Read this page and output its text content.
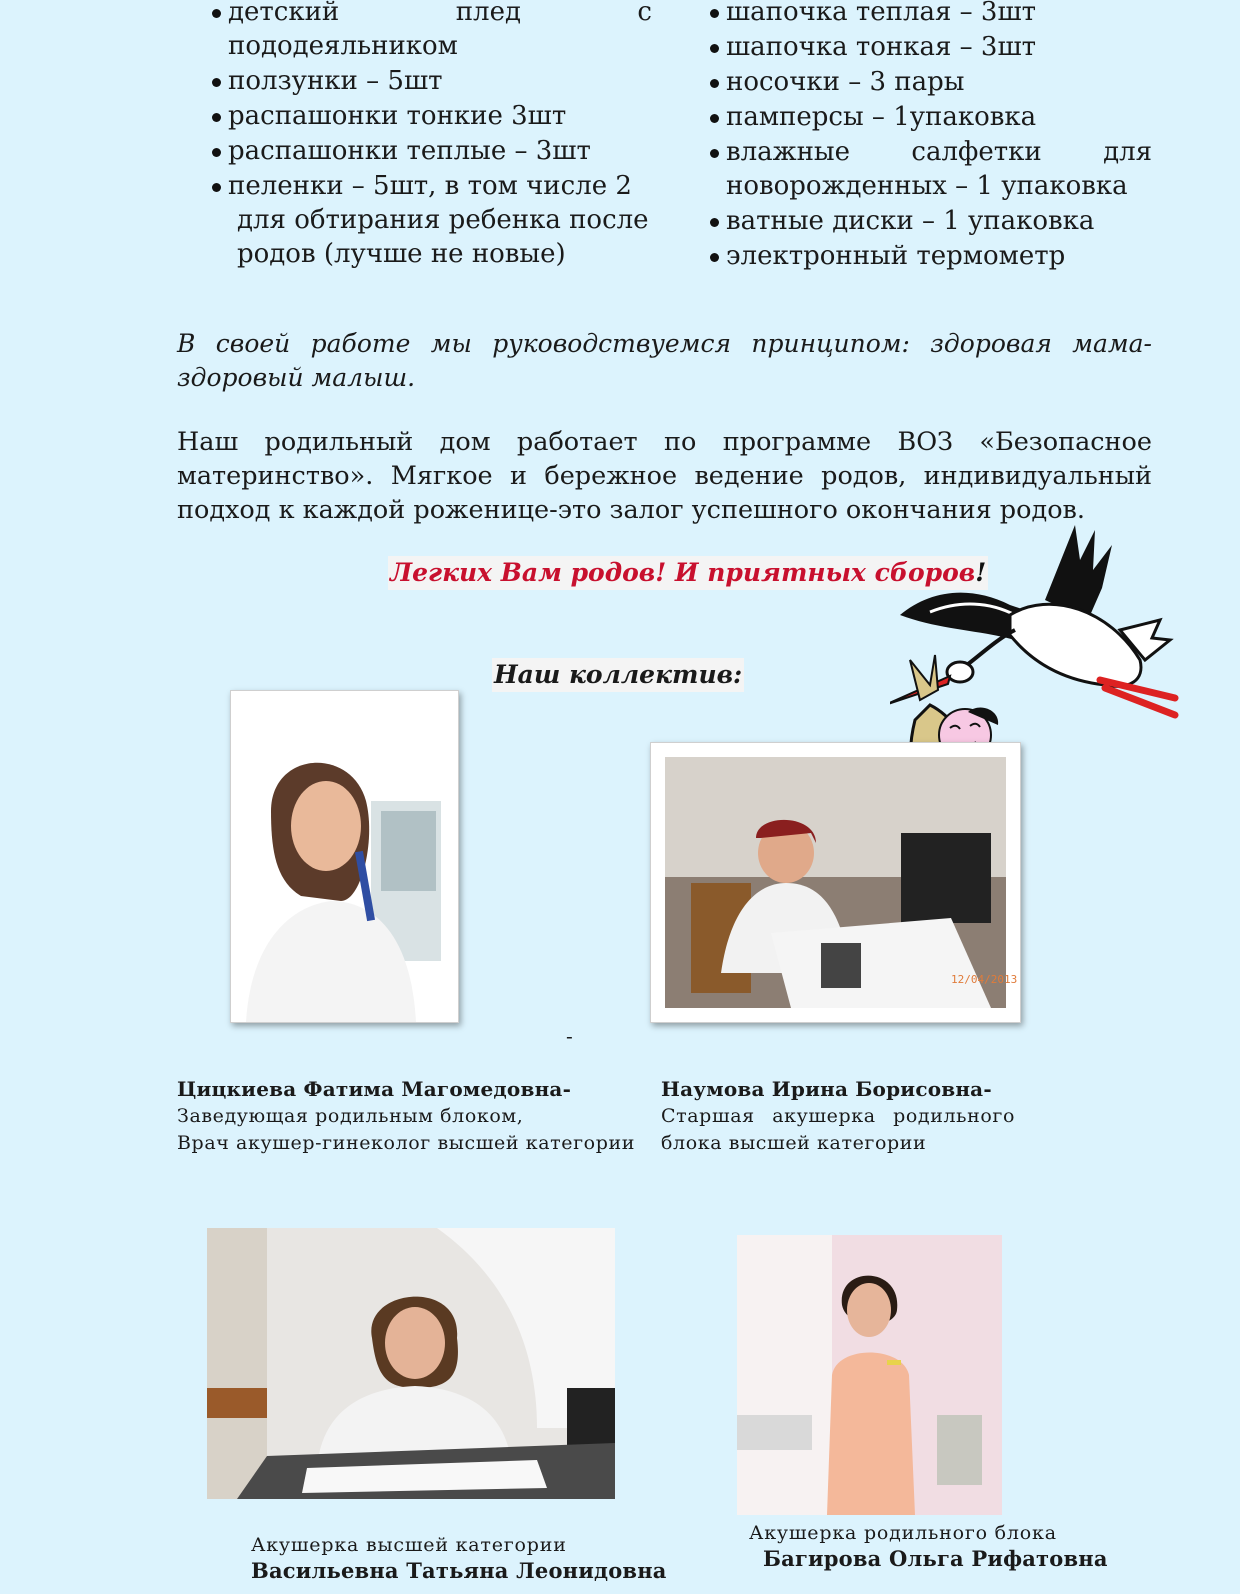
детский плед с
пододеяльником
ползунки – 5шт
распашонки тонкие 3шт
распашонки теплые – 3шт
пеленки – 5шт, в том числе 2
для обтирания ребенка после
родов (лучше не новые)
шапочка теплая – 3шт
шапочка тонкая – 3шт
носочки – 3 пары
памперсы – 1упаковка
влажные салфетки для
новорожденных – 1 упаковка
ватные диски – 1 упаковка
электронный термометр
В своей работе мы руководствуемся принципом: здоровая мама-здоровый малыш.
Наш родильный дом работает по программе ВОЗ «Безопасное материнство». Мягкое и бережное ведение родов, индивидуальный подход к каждой роженице-это залог успешного окончания родов.
Легких Вам родов! И приятных сборов!
Наш коллектив:
12/04/2013
-
Цицкиева Фатима Магомедовна-
Заведующая родильным блоком,
Врач акушер-гинеколог высшей категории
Наумова Ирина Борисовна-
Старшая акушерка родильного
блока высшей категории
Акушерка высшей категории
Васильевна Татьяна Леонидовна
Акушерка родильного блока
Багирова Ольга Рифатовна
